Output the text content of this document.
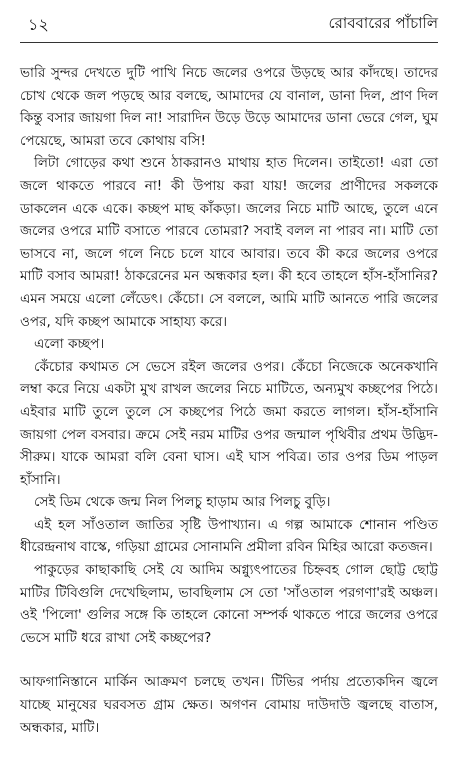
১২	রোববারের পাঁচালি

ভারি সুন্দর দেখতে দুটি পাখি নিচে জলের ওপরে উড়ছে আর কাঁদছে। তাদের চোখ থেকে জল পড়ছে আর বলছে, আমাদের যে বানাল, ডানা দিল, প্রাণ দিল কিন্তু বসার জায়গা দিল না! সারাদিন উড়ে উড়ে আমাদের ডানা ভেরে গেল, ঘুম পেয়েছে, আমরা তবে কোথায় বসি!

লিটা গোড়ের কথা শুনে ঠাকরানও মাথায় হাত দিলেন। তাইতো! এরা তো জলে থাকতে পারবে না! কী উপায় করা যায়! জলের প্রাণীদের সকলকে ডাকলেন একে একে। কচ্ছপ মাছ কাঁকড়া। জলের নিচে মাটি আছে, তুলে এনে জলের ওপরে মাটি বসাতে পারবে তোমরা? সবাই বলল না পারব না। মাটি তো ভাসবে না, জলে গলে নিচে চলে যাবে আবার। তবে কী করে জলের ওপরে মাটি বসাব আমরা! ঠাকরেনের মন অন্ধকার হল। কী হবে তাহলে হাঁস-হাঁসানির? এমন সময়ে এলো লেঁডেৎ। কেঁচো। সে বললে, আমি মাটি আনতে পারি জলের ওপর, যদি কচ্ছপ আমাকে সাহায্য করে।

এলো কচ্ছপ।

কেঁচোর কথামত সে ভেসে রইল জলের ওপর। কেঁচো নিজেকে অনেকখানি লম্বা করে নিয়ে একটা মুখ রাখল জলের নিচে মাটিতে, অন্যমুখ কচ্ছপের পিঠে। এইবার মাটি তুলে তুলে সে কচ্ছপের পিঠে জমা করতে লাগল। হাঁস-হাঁসানি জায়গা পেল বসবার। ক্রমে সেই নরম মাটির ওপর জন্মাল পৃথিবীর প্রথম উদ্ভিদ-সীরুম। যাকে আমরা বলি বেনা ঘাস। এই ঘাস পবিত্র। তার ওপর ডিম পাড়ল হাঁসানি।

সেই ডিম থেকে জন্ম নিল পিলচু হাড়াম আর পিলচু বুড়ি।

এই হল সাঁওতাল জাতির সৃষ্টি উপাখ্যান। এ গল্প আমাকে শোনান পণ্ডিত ধীরেন্দ্রনাথ বাস্কে, গড়িয়া গ্রামের সোনামনি প্রমীলা রবিন মিহির আরো কতজন।

পাকুড়ের কাছাকাছি সেই যে আদিম অগ্ন্যুৎপাতের চিহ্নবহ গোল ছোট্ট ছোট্ট মাটির টিবিগুলি দেখেছিলাম, ভাবছিলাম সে তো 'সাঁওতাল পরগণা'রই অঞ্চল। ওই 'পিলো' গুলির সঙ্গে কি তাহলে কোনো সম্পর্ক থাকতে পারে জলের ওপরে ভেসে মাটি ধরে রাখা সেই কচ্ছপের?

আফগানিস্তানে মার্কিন আক্রমণ চলছে তখন। টিভির পর্দায় প্রত্যেকদিন জ্বলে যাচ্ছে মানুষের ঘরবসত গ্রাম ক্ষেত। অগণন বোমায় দাউদাউ জ্বলছে বাতাস, অন্ধকার, মাটি।
